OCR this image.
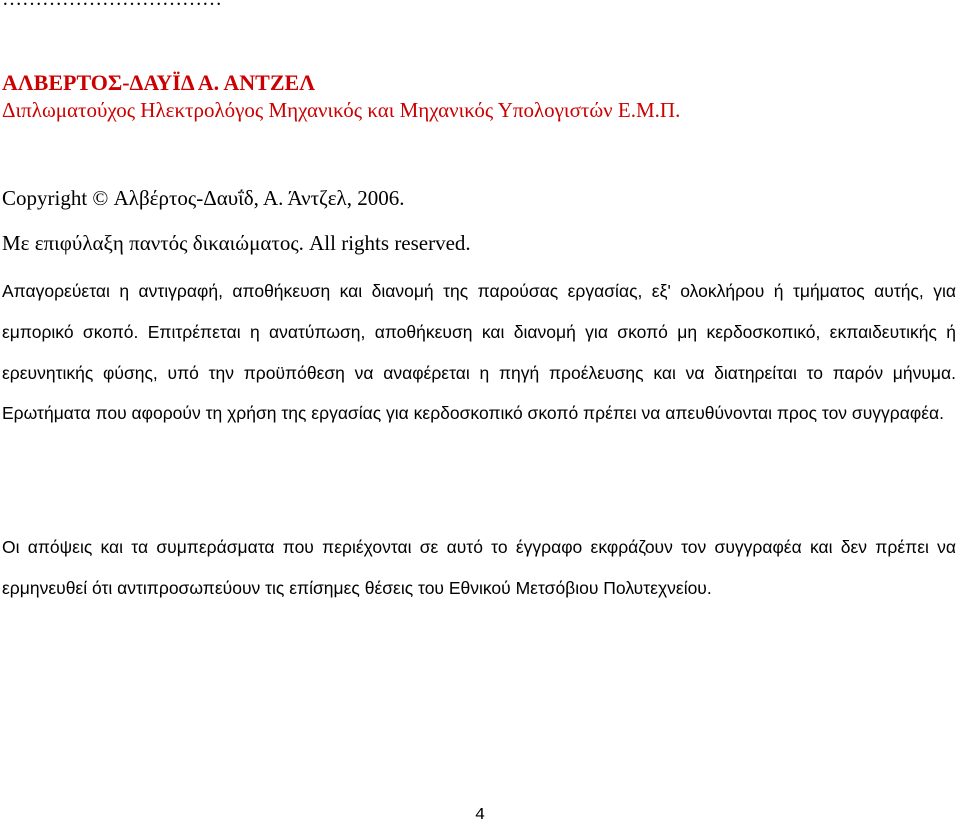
ΑΛΒΕΡΤΟΣ-ΔΑΥΪΔ Α. ΑΝΤΖΕΛ
Διπλωματούχος Ηλεκτρολόγος Μηχανικός και Μηχανικός Υπολογιστών Ε.Μ.Π.
Copyright © Αλβέρτος-Δαυΐδ, Α. Άντζελ, 2006.
Με επιφύλαξη παντός δικαιώματος. All rights reserved.

Απαγορεύεται η αντιγραφή, αποθήκευση και διανομή της παρούσας εργασίας, εξ' ολοκλήρου ή τμήματος αυτής, για εμπορικό σκοπό. Επιτρέπεται η ανατύπωση, αποθήκευση και διανομή για σκοπό μη κερδοσκοπικό, εκπαιδευτικής ή ερευνητικής φύσης, υπό την προϋπόθεση να αναφέρεται η πηγή προέλευσης και να διατηρείται το παρόν μήνυμα. Ερωτήματα που αφορούν τη χρήση της εργασίας για κερδοσκοπικό σκοπό πρέπει να απευθύνονται προς τον συγγραφέα.

Οι απόψεις και τα συμπεράσματα που περιέχονται σε αυτό το έγγραφο εκφράζουν τον συγγραφέα και δεν πρέπει να ερμηνευθεί ότι αντιπροσωπεύουν τις επίσημες θέσεις του Εθνικού Μετσόβιου Πολυτεχνείου.

4
